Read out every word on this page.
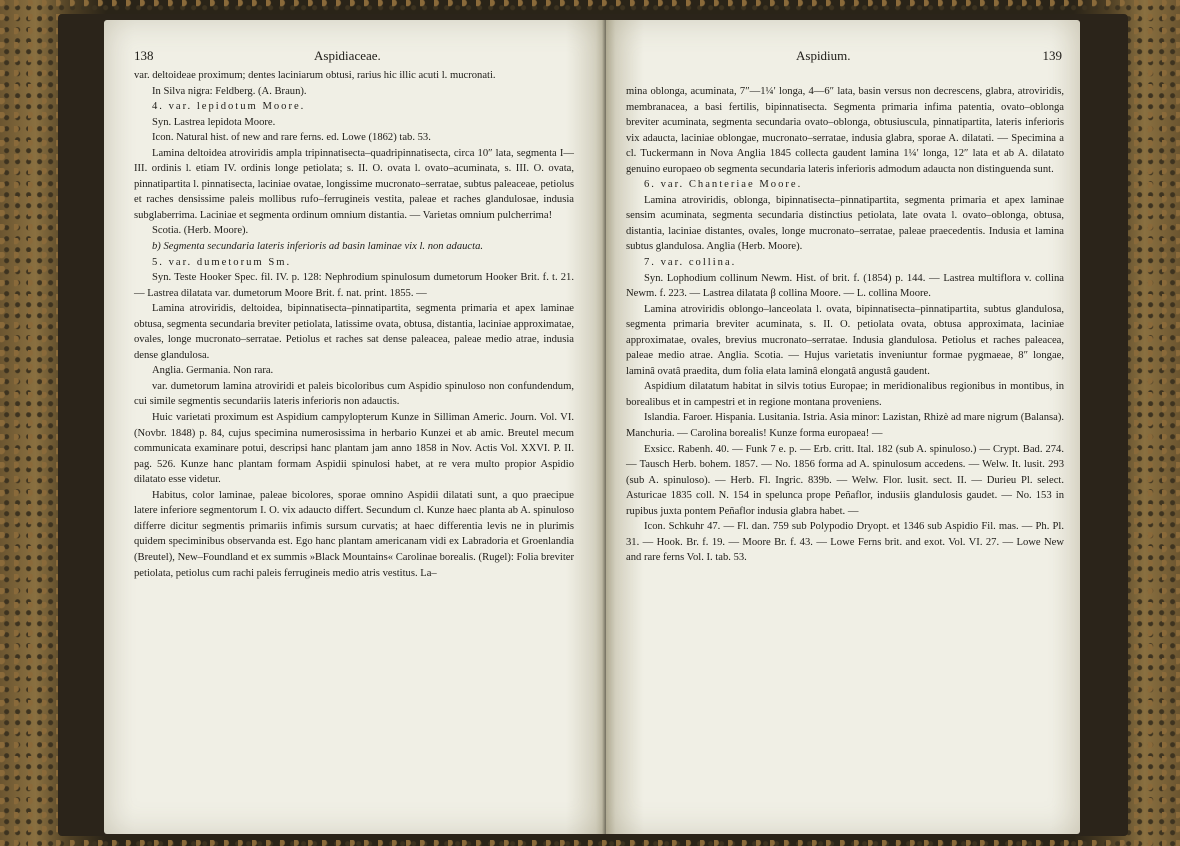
138	Aspidiaceae.

var. deltoideae proximum; dentes laciniarum obtusi, rarius hic illic acuti l. mucronati.

In Silva nigra: Feldberg. (A. Braun).

4. var. lepidotum Moore.

Syn. Lastrea lepidota Moore.

Icon. Natural hist. of new and rare ferns. ed. Lowe (1862) tab. 53.

Lamina deltoidea atroviridis ampla tripinnatisecta–quadripinnatisecta, circa 10″ lata, segmenta I—III. ordinis l. etiam IV. ordinis longe petiolata; s. II. O. ovata l. ovato–acuminata, s. III. O. ovata, pinnatipartita l. pinnatisecta, laciniae ovatae, longissime mucronato–serratae, subtus paleaceae, petiolus et raches densissime paleis mollibus rufo–ferrugineis vestita, paleae et raches glandulosae, indusia subglaberrima. Laciniae et segmenta ordinum omnium distantia. — Varietas omnium pulcherrima!

Scotia. (Herb. Moore).

b) Segmenta secundaria lateris inferioris ad basin laminae vix l. non adaucta.

5. var. dumetorum Sm.

Syn. Teste Hooker Spec. fil. IV. p. 128: Nephrodium spinulosum dumetorum Hooker Brit. f. t. 21. — Lastrea dilatata var. dumetorum Moore Brit. f. nat. print. 1855. —

Lamina atroviridis, deltoidea, bipinnatisecta–pinnatipartita, segmenta primaria et apex laminae obtusa, segmenta secundaria breviter petiolata, latissime ovata, obtusa, distantia, laciniae approximatae, ovales, longe mucronato–serratae. Petiolus et raches sat dense paleacea, paleae medio atrae, indusia dense glandulosa.

Anglia. Germania. Non rara.

var. dumetorum lamina atroviridi et paleis bicoloribus cum Aspidio spinuloso non confundendum, cui simile segmentis secundariis lateris inferioris non adauctis.

Huic varietati proximum est Aspidium campylopterum Kunze in Silliman Americ. Journ. Vol. VI. (Novbr. 1848) p. 84, cujus specimina numerosissima in herbario Kunzei et ab amic. Breutel mecum communicata examinare potui, descripsi hanc plantam jam anno 1858 in Nov. Actis Vol. XXVI. P. II. pag. 526. Kunze hanc plantam formam Aspidii spinulosi habet, at re vera multo propior Aspidio dilatato esse videtur.

Habitus, color laminae, paleae bicolores, sporae omnino Aspidii dilatati sunt, a quo praecipue latere inferiore segmentorum I. O. vix adaucto differt. Secundum cl. Kunze haec planta ab A. spinuloso differre dicitur segmentis primariis infimis sursum curvatis; at haec differentia levis ne in plurimis quidem speciminibus observanda est. Ego hanc plantam americanam vidi ex Labradoria et Groenlandia (Breutel), New–Foundland et ex summis »Black Mountains« Carolinae borealis. (Rugel): Folia breviter petiolata, petiolus cum rachi paleis ferrugineis medio atris vestitus. La–

Aspidium.	139

mina oblonga, acuminata, 7″—1¼′ longa, 4—6″ lata, basin versus non decrescens, glabra, atroviridis, membranacea, a basi fertilis, bipinnatisecta. Segmenta primaria infima patentia, ovato–oblonga breviter acuminata, segmenta secundaria ovato–oblonga, obtusiuscula, pinnatipartita, lateris inferioris vix adaucta, laciniae oblongae, mucronato–serratae, indusia glabra, sporae A. dilatati. — Specimina a cl. Tuckermann in Nova Anglia 1845 collecta gaudent lamina 1¼′ longa, 12″ lata et ab A. dilatato genuino europaeo ob segmenta secundaria lateris inferioris admodum adaucta non distinguenda sunt.

6. var. Chanteriae Moore.

Lamina atroviridis, oblonga, bipinnatisecta–pinnatipartita, segmenta primaria et apex laminae sensim acuminata, segmenta secundaria distinctius petiolata, late ovata l. ovato–oblonga, obtusa, distantia, laciniae distantes, ovales, longe mucronato–serratae, paleae praecedentis. Indusia et lamina subtus glandulosa. Anglia (Herb. Moore).

7. var. collina.

Syn. Lophodium collinum Newm. Hist. of brit. f. (1854) p. 144. — Lastrea multiflora v. collina Newm. f. 223. — Lastrea dilatata β collina Moore. — L. collina Moore.

Lamina atroviridis oblongo–lanceolata l. ovata, bipinnatisecta–pinnatipartita, subtus glandulosa, segmenta primaria breviter acuminata, s. II. O. petiolata ovata, obtusa approximata, laciniae approximatae, ovales, brevius mucronato–serratae. Indusia glandulosa. Petiolus et raches paleacea, paleae medio atrae. Anglia. Scotia. — Hujus varietatis inveniuntur formae pygmaeae, 8″ longae, laminâ ovatâ praedita, dum folia elata laminâ elongatâ angustâ gaudent.

Aspidium dilatatum habitat in silvis totius Europae; in meridionalibus regionibus in montibus, in borealibus et in campestri et in regione montana proveniens.

Islandia. Faroer. Hispania. Lusitania. Istria. Asia minor: Lazistan, Rhizè ad mare nigrum (Balansa). Manchuria. — Carolina borealis! Kunze forma europaea! —

Exsicc. Rabenh. 40. — Funk 7 e. p. — Erb. critt. Ital. 182 (sub A. spinuloso.) — Crypt. Bad. 274. — Tausch Herb. bohem. 1857. — No. 1856 forma ad A. spinulosum accedens. — Welw. It. lusit. 293 (sub A. spinuloso). — Herb. Fl. Ingric. 839b. — Welw. Flor. lusit. sect. II. — Durieu Pl. select. Asturicae 1835 coll. N. 154 in spelunca prope Peñaflor, indusiis glandulosis gaudet. — No. 153 in rupibus juxta pontem Peñaflor indusia glabra habet. —

Icon. Schkuhr 47. — Fl. dan. 759 sub Polypodio Dryopt. et 1346 sub Aspidio Fil. mas. — Ph. Pl. 31. — Hook. Br. f. 19. — Moore Br. f. 43. — Lowe Ferns brit. and exot. Vol. VI. 27. — Lowe New and rare ferns Vol. I. tab. 53.
